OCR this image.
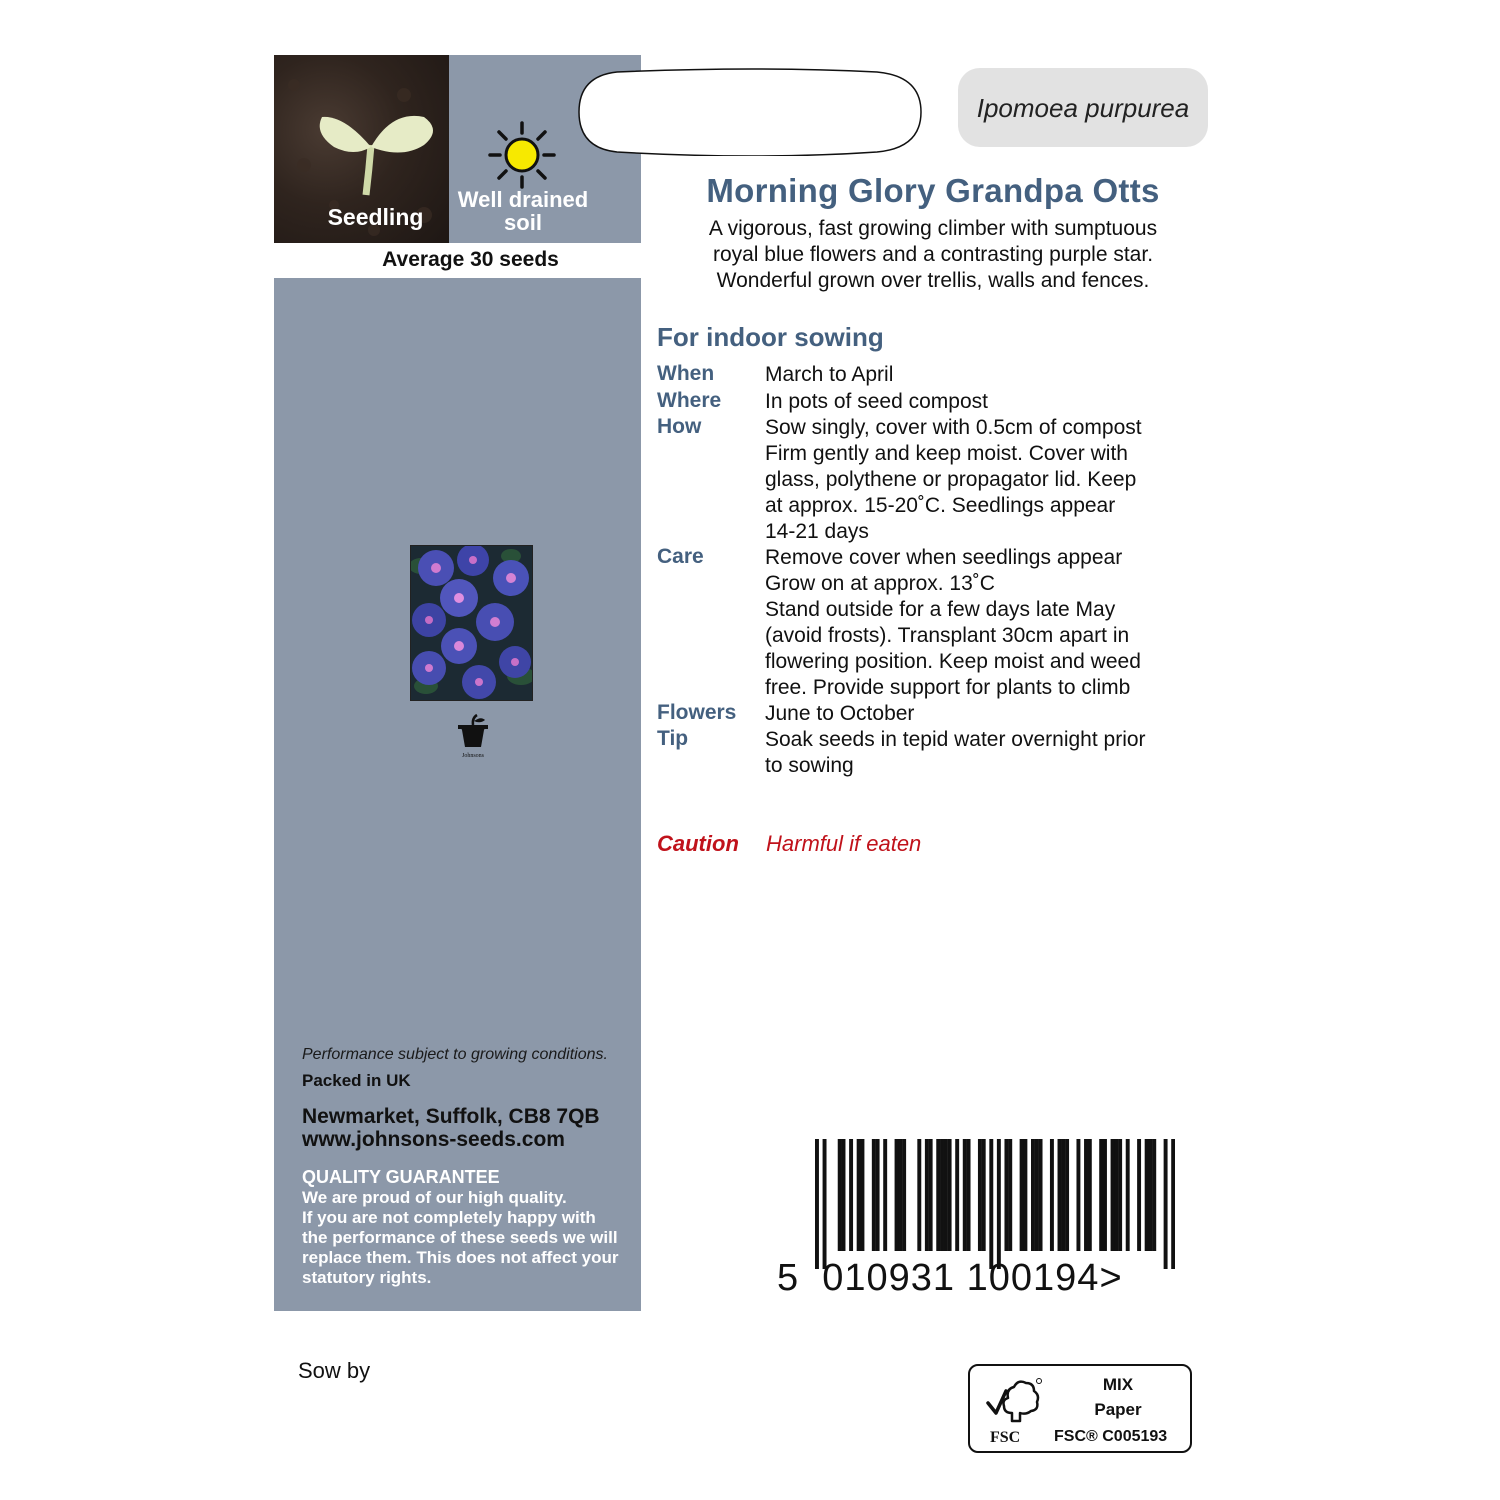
Seedling
Well drained
soil
Average 30 seeds
Johnsons
Performance subject to growing conditions.
Packed in UK
Newmarket, Suffolk, CB8 7QB
www.johnsons-seeds.com
QUALITY GUARANTEE
We are proud of our high quality.
If you are not completely happy with
the performance of these seeds we will
replace them. This does not affect your
statutory rights.
Sow by
Ipomoea purpurea
Morning Glory Grandpa Otts
A vigorous, fast growing climber with sumptuous
royal blue flowers and a contrasting purple star.
Wonderful grown over trellis, walls and fences.
For indoor sowing
When March to April
Where In pots of seed compost
How	Sow singly, cover with 0.5cm of compost
Firm gently and keep moist. Cover with
glass, polythene or propagator lid. Keep
at approx. 15-20˚C. Seedlings appear
14-21 days
Care	Remove cover when seedlings appear
Grow on at approx. 13˚C
Stand outside for a few days late May
(avoid frosts). Transplant 30cm apart in
flowering position. Keep moist and weed
free. Provide support for plants to climb
Flowers June to October
Tip	Soak seeds in tepid water overnight prior
to sowing
Caution Harmful if eaten
5 010931 100194>
FSC
MIX
Paper
FSC® C005193
